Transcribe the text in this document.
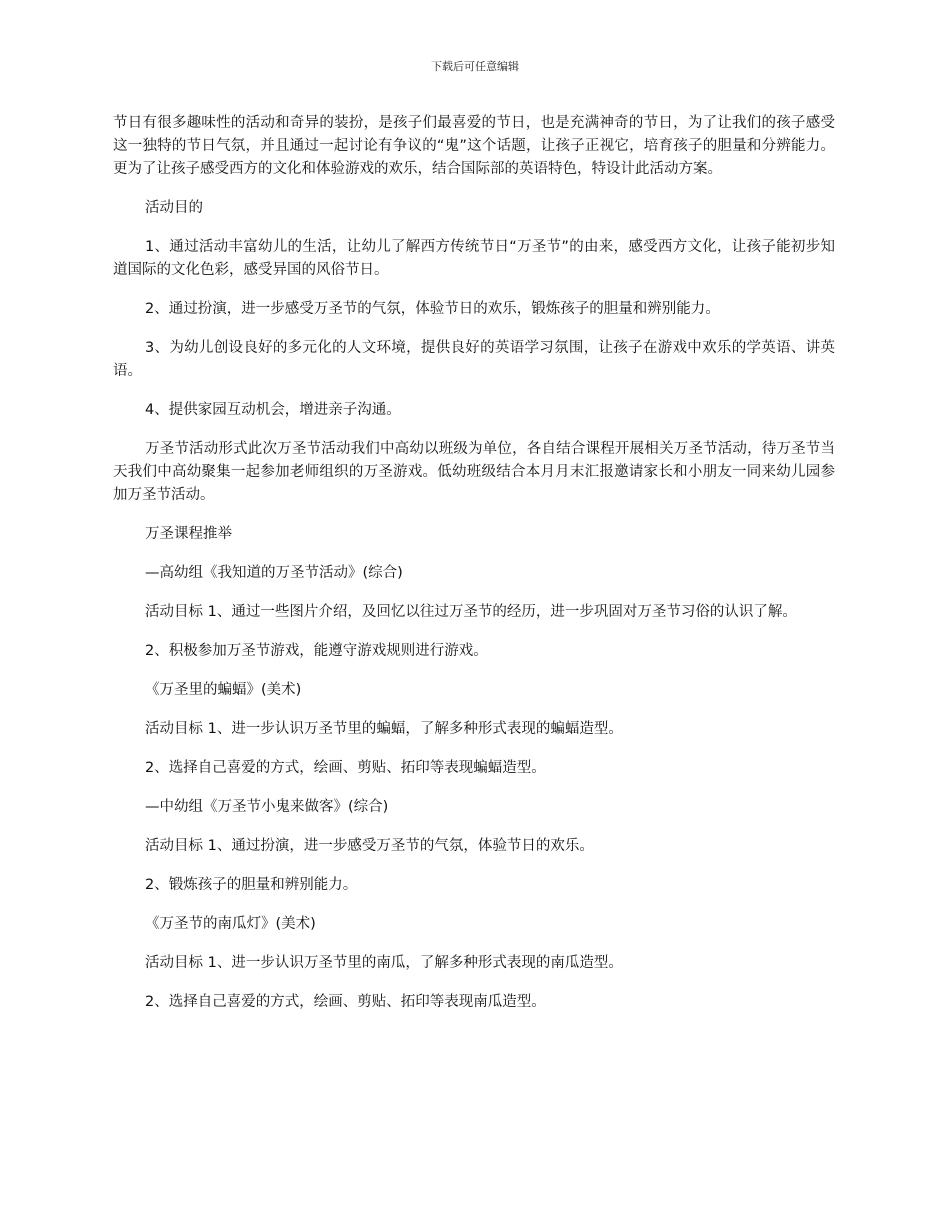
下载后可任意编辑

节日有很多趣味性的活动和奇异的装扮，是孩子们最喜爱的节日，也是充满神奇的节日，为了让我们的孩子感受这一独特的节日气氛，并且通过一起讨论有争议的“鬼”这个话题，让孩子正视它，培育孩子的胆量和分辨能力。更为了让孩子感受西方的文化和体验游戏的欢乐，结合国际部的英语特色，特设计此活动方案。

活动目的

1、通过活动丰富幼儿的生活，让幼儿了解西方传统节日“万圣节”的由来，感受西方文化，让孩子能初步知道国际的文化色彩，感受异国的风俗节日。

2、通过扮演，进一步感受万圣节的气氛，体验节日的欢乐，锻炼孩子的胆量和辨别能力。

3、为幼儿创设良好的多元化的人文环境，提供良好的英语学习氛围，让孩子在游戏中欢乐的学英语、讲英语。

4、提供家园互动机会，增进亲子沟通。

万圣节活动形式此次万圣节活动我们中高幼以班级为单位，各自结合课程开展相关万圣节活动，待万圣节当天我们中高幼聚集一起参加老师组织的万圣游戏。低幼班级结合本月月末汇报邀请家长和小朋友一同来幼儿园参加万圣节活动。

万圣课程推举

—高幼组《我知道的万圣节活动》(综合)

活动目标 1、通过一些图片介绍，及回忆以往过万圣节的经历，进一步巩固对万圣节习俗的认识了解。

2、积极参加万圣节游戏，能遵守游戏规则进行游戏。

《万圣里的蝙蝠》(美术)

活动目标 1、进一步认识万圣节里的蝙蝠，了解多种形式表现的蝙蝠造型。

2、选择自己喜爱的方式，绘画、剪贴、拓印等表现蝙蝠造型。

—中幼组《万圣节小鬼来做客》(综合)

活动目标 1、通过扮演，进一步感受万圣节的气氛，体验节日的欢乐。

2、锻炼孩子的胆量和辨别能力。

《万圣节的南瓜灯》(美术)

活动目标 1、进一步认识万圣节里的南瓜，了解多种形式表现的南瓜造型。

2、选择自己喜爱的方式，绘画、剪贴、拓印等表现南瓜造型。
